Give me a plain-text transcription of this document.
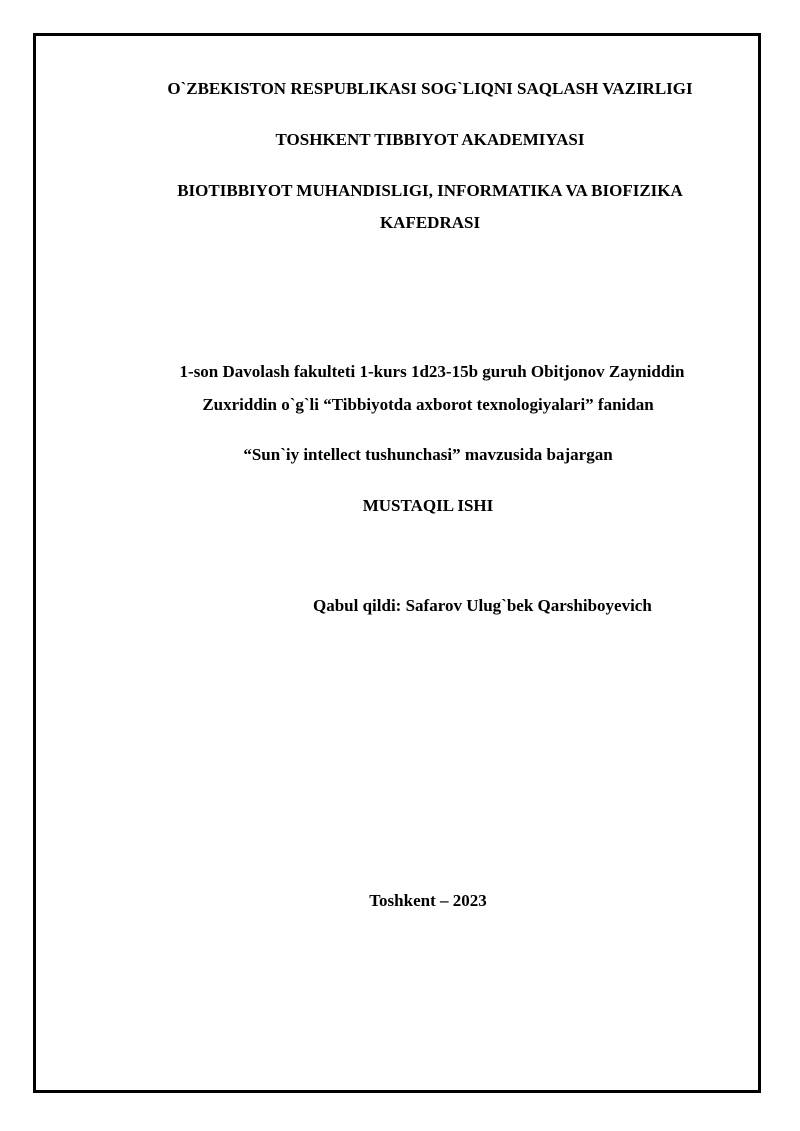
O`ZBEKISTON RESPUBLIKASI SOG`LIQNI SAQLASH VAZIRLIGI
TOSHKENT TIBBIYOT AKADEMIYASI
BIOTIBBIYOT MUHANDISLIGI, INFORMATIKA VA BIOFIZIKA
KAFEDRASI
1-son Davolash fakulteti 1-kurs 1d23-15b guruh Obitjonov Zayniddin
Zuxriddin o`g`li “Tibbiyotda axborot texnologiyalari” fanidan
“Sun`iy intellect tushunchasi” mavzusida bajargan
MUSTAQIL ISHI
Qabul qildi: Safarov Ulug`bek Qarshiboyevich
Toshkent – 2023
